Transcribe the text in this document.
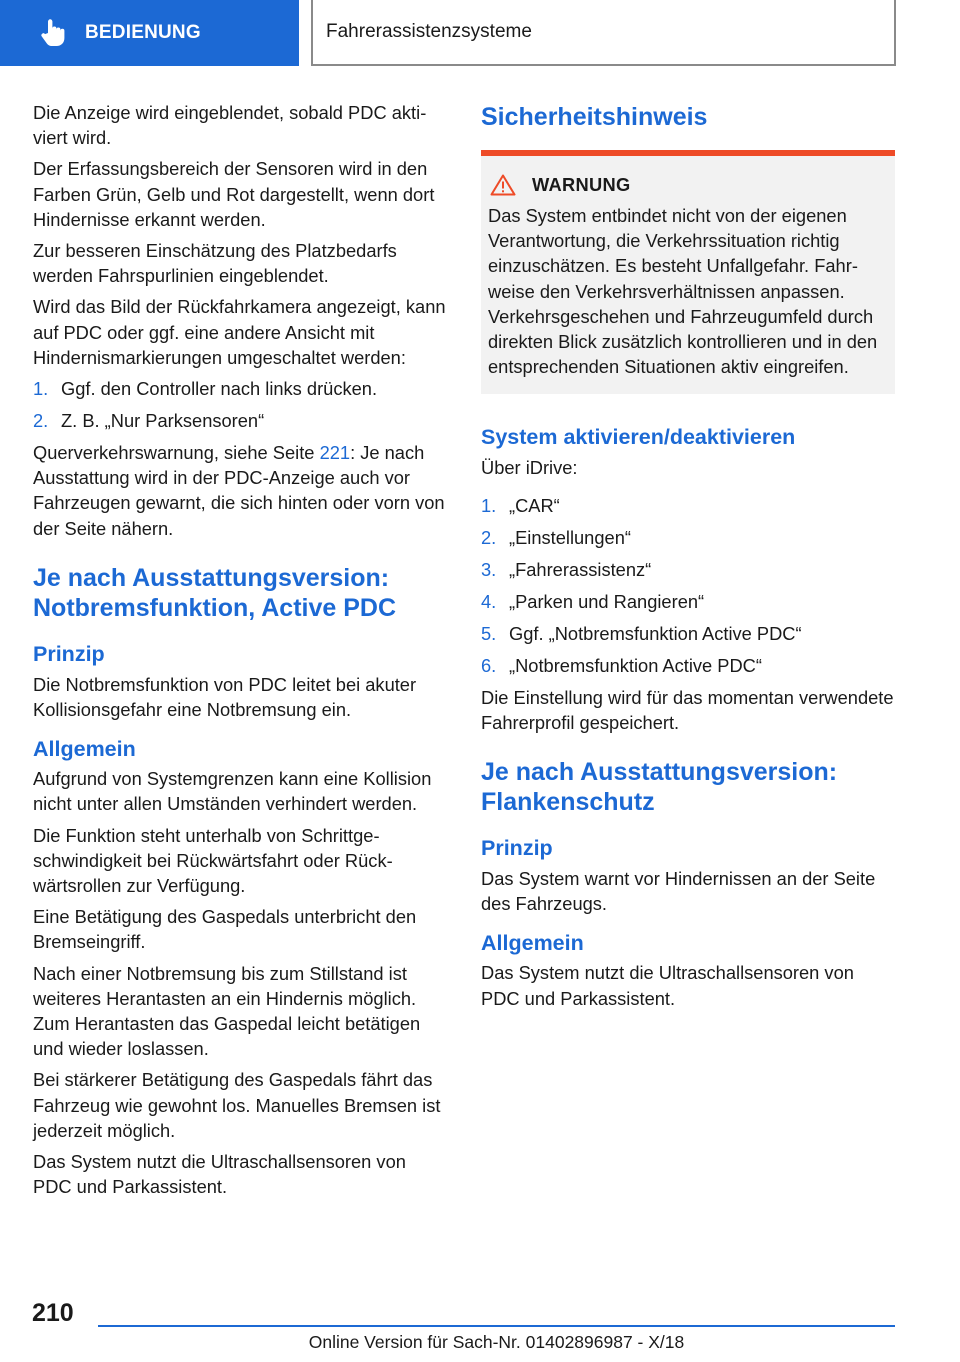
BEDIENUNG	Fahrerassistenzsysteme

Die Anzeige wird eingeblendet, sobald PDC aktiviert wird.

Der Erfassungsbereich der Sensoren wird in den Farben Grün, Gelb und Rot dargestellt, wenn dort Hindernisse erkannt werden.

Zur besseren Einschätzung des Platzbedarfs werden Fahrspurlinien eingeblendet.

Wird das Bild der Rückfahrkamera angezeigt, kann auf PDC oder ggf. eine andere Ansicht mit Hindernismarkierungen umgeschaltet werden:

1. Ggf. den Controller nach links drücken.
2. Z. B. „Nur Parksensoren“

Querverkehrswarnung, siehe Seite 221: Je nach Ausstattung wird in der PDC-Anzeige auch vor Fahrzeugen gewarnt, die sich hinten oder vorn von der Seite nähern.

Je nach Ausstattungsversion: Notbremsfunktion, Active PDC
Prinzip

Die Notbremsfunktion von PDC leitet bei akuter Kollisionsgefahr eine Notbremsung ein.

Allgemein

Aufgrund von Systemgrenzen kann eine Kollision nicht unter allen Umständen verhindert werden.

Die Funktion steht unterhalb von Schrittgeschwindigkeit bei Rückwärtsfahrt oder Rückwärtsrollen zur Verfügung.

Eine Betätigung des Gaspedals unterbricht den Bremseingriff.

Nach einer Notbremsung bis zum Stillstand ist weiteres Herantasten an ein Hindernis möglich. Zum Herantasten das Gaspedal leicht betätigen und wieder loslassen.

Bei stärkerer Betätigung des Gaspedals fährt das Fahrzeug wie gewohnt los. Manuelles Bremsen ist jederzeit möglich.

Das System nutzt die Ultraschallsensoren von PDC und Parkassistent.

Sicherheitshinweis
WARNUNG

Das System entbindet nicht von der eigenen Verantwortung, die Verkehrssituation richtig einzuschätzen. Es besteht Unfallgefahr. Fahrweise den Verkehrsverhältnissen anpassen. Verkehrsgeschehen und Fahrzeugumfeld durch direkten Blick zusätzlich kontrollieren und in den entsprechenden Situationen aktiv eingreifen.

System aktivieren/deaktivieren

Über iDrive:

1. „CAR“
2. „Einstellungen“
3. „Fahrerassistenz“
4. „Parken und Rangieren“
5. Ggf. „Notbremsfunktion Active PDC“
6. „Notbremsfunktion Active PDC“

Die Einstellung wird für das momentan verwendete Fahrerprofil gespeichert.

Je nach Ausstattungsversion: Flankenschutz
Prinzip

Das System warnt vor Hindernissen an der Seite des Fahrzeugs.

Allgemein

Das System nutzt die Ultraschallsensoren von PDC und Parkassistent.

210
Online Version für Sach-Nr. 01402896987 - X/18
